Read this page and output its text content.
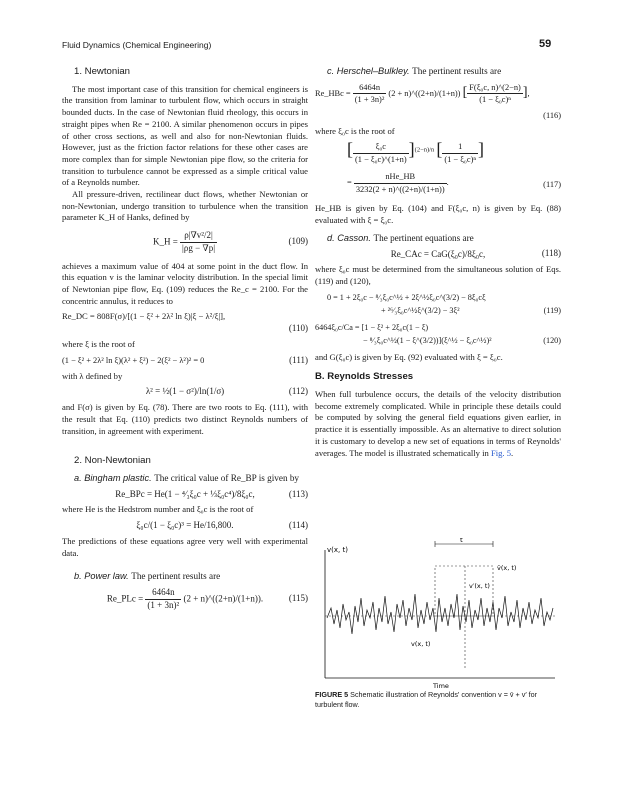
Fluid Dynamics (Chemical Engineering)	59
1. Newtonian

The most important case of this transition for chemical engineers is the transition from laminar to turbulent flow, which occurs in straight bounded ducts. In the case of Newtonian fluid rheology, this occurs in straight pipes when Re = 2100. A similar phenomenon occurs in pipes of other cross sections, as well and also for non-Newtonian fluids. However, just as the friction factor relations for these other cases are more complex than for simple Newtonian pipe flow, so the criteria for transition to turbulence cannot be expressed as a simple critical value of a Reynolds number.

All pressure-driven, rectilinear duct flows, whether Newtonian or non-Newtonian, undergo transition to turbulence when the transition parameter K_H of Hanks, defined by

K_H = $\frac{\text{ρ|∇v²/2|}}{|\rho g - \nabla p|}$	(109)

achieves a maximum value of 404 at some point in the duct flow. In this equation v is the laminar velocity distribution. In the special limit of Newtonian pipe flow, Eq. (109) reduces the Re_c = 2100. For the concentric annulus, it reduces to

Re_DC = 808F(σ)/[(1 − ξ² + 2λ² ln ξ)|ξ − λ²/ξ|],
(110)

where ξ is the root of

(1 − ξ² + 2λ² ln ξ)(λ² + ξ²) − 2(ξ² − λ²)² = 0	(111)

with λ defined by

λ² = ½(1 − σ²)/ln(1/σ)	(112)

and F(σ) is given by Eq. (78). There are two roots to Eq. (111), with the result that Eq. (110) predicts two distinct Reynolds numbers of transition, in agreement with experiment.

2. Non-Newtonian
a. Bingham plastic. The critical value of Re_BP is given by
Re_BPc = He(1 − ⁴⁄₃ξ₀c + ⅓ξ₀c⁴)/8ξ₀c,	(113)

where He is the Hedstrom number and ξ₀c is the root of

ξ₀c/(1 − ξ₀c)³ = He/16,800.	(114)

The predictions of these equations agree very well with experimental data.

b. Power law. The pertinent results are
Re_PLc = $\frac{6464n}{\text{(1 + 3n)²}} (2$ + n)^((2+n)/(1+n)).	(115)
c. Herschel–Bulkley. The pertinent results are
Re_HBc = $\frac{6464n}{\text{(1 + 3n)²}} (2$ + n)^((2+n)/(1+n)) [ $\frac{\text{F(ξ₀c, n)\textasciicircum{}(2−n)}}{\text{(1 − ξ₀c)ⁿ}}$ ],
(116)

where ξ₀c is the root of

[ $\frac{\text{ξ₀c}}{\text{(1 − ξ₀c)\textasciicircum{}(1+n)}} ]^{(2-n)/n}$ [ $\frac{1}{\text{(1 − ξ₀c)ⁿ}}$ ]
= $\frac{\text{nHe\_HB}}{3232(2 + n)\^{}((2+n)/(1+n))}$ .	(117)

He_HB is given by Eq. (104) and F(ξ₀c, n) is given by Eq. (88) evaluated with ξ = ξ₀c.

d. Casson. The pertinent equations are
Re_CAc = CaG(ξ₀c)/8ξ₀c,	(118)

where ξ₀c must be determined from the simultaneous solution of Eqs. (119) and (120),

0 = 1 + 2ξ₀c − ⁸⁄₃ξ₀c^½ + 2ξ^½ξ₀c^(3/2) − 8ξ₀cξ
+ ²⁶⁄₃ξ₀c^½ξ^(3/2) − 3ξ²	(119)
6464ξ₀c/Ca = [1 − ξ² + 2ξ₀c(1 − ξ)
− ⁸⁄₃ξ₀c^½(1 − ξ^(3/2))](ξ^½ − ξ₀c^½)²	(120)

and G(ξ₀c) is given by Eq. (92) evaluated with ξ = ξ₀c.

B. Reynolds Stresses

When full turbulence occurs, the details of the velocity distribution become extremely complicated. While in principle these details could be computed by solving the general field equations given earlier, in practice it is essentially impossible. As an alternative to direct solution it is customary to develop a new set of equations in terms of Reynolds' averages. The model is illustrated schematically in Fig. 5.

t
v(x, t)
v̄(x, t)
v′(x, t)
v(x, t)
Time
FIGURE 5 Schematic illustration of Reynolds' convention v = v̄ + v′ for turbulent flow.
